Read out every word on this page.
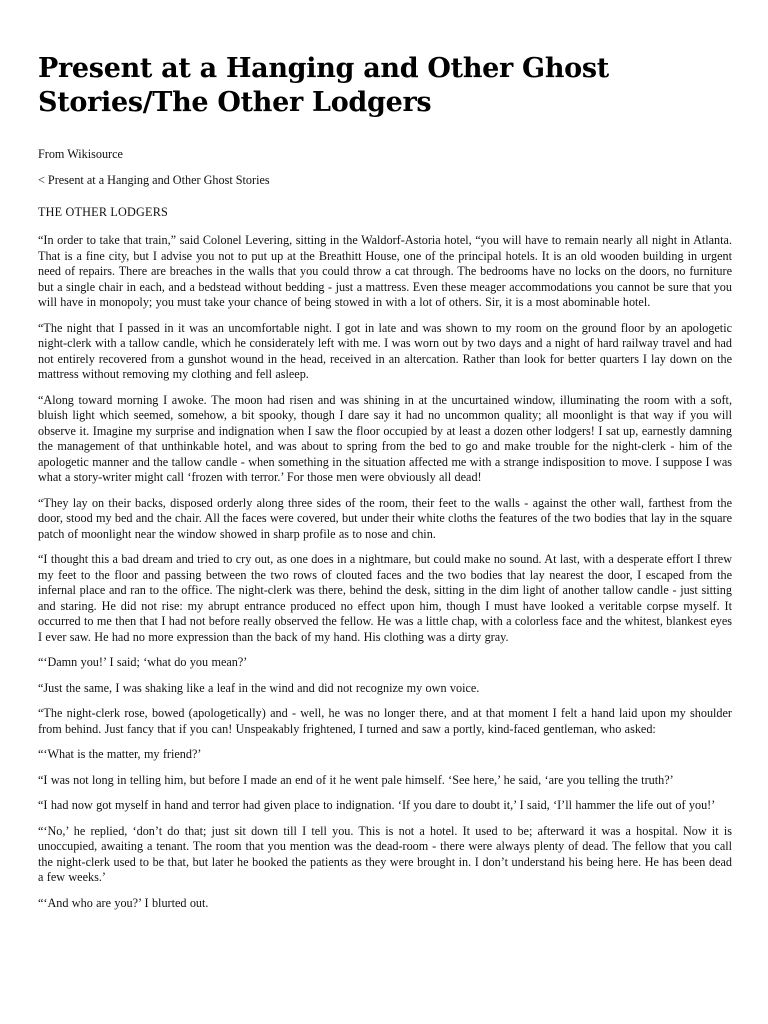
Present at a Hanging and Other Ghost Stories/The Other Lodgers

From Wikisource

< Present at a Hanging and Other Ghost Stories

THE OTHER LODGERS

“In order to take that train,” said Colonel Levering, sitting in the Waldorf-Astoria hotel, “you will have to remain nearly all night in Atlanta. That is a fine city, but I advise you not to put up at the Breathitt House, one of the principal hotels. It is an old wooden building in urgent need of repairs. There are breaches in the walls that you could throw a cat through. The bedrooms have no locks on the doors, no furniture but a single chair in each, and a bedstead without bedding - just a mattress. Even these meager accommodations you cannot be sure that you will have in monopoly; you must take your chance of being stowed in with a lot of others. Sir, it is a most abominable hotel.

“The night that I passed in it was an uncomfortable night. I got in late and was shown to my room on the ground floor by an apologetic night-clerk with a tallow candle, which he considerately left with me. I was worn out by two days and a night of hard railway travel and had not entirely recovered from a gunshot wound in the head, received in an altercation. Rather than look for better quarters I lay down on the mattress without removing my clothing and fell asleep.

“Along toward morning I awoke. The moon had risen and was shining in at the uncurtained window, illuminating the room with a soft, bluish light which seemed, somehow, a bit spooky, though I dare say it had no uncommon quality; all moonlight is that way if you will observe it. Imagine my surprise and indignation when I saw the floor occupied by at least a dozen other lodgers! I sat up, earnestly damning the management of that unthinkable hotel, and was about to spring from the bed to go and make trouble for the night-clerk - him of the apologetic manner and the tallow candle - when something in the situation affected me with a strange indisposition to move. I suppose I was what a story-writer might call ‘frozen with terror.’ For those men were obviously all dead!

“They lay on their backs, disposed orderly along three sides of the room, their feet to the walls - against the other wall, farthest from the door, stood my bed and the chair. All the faces were covered, but under their white cloths the features of the two bodies that lay in the square patch of moonlight near the window showed in sharp profile as to nose and chin.

“I thought this a bad dream and tried to cry out, as one does in a nightmare, but could make no sound. At last, with a desperate effort I threw my feet to the floor and passing between the two rows of clouted faces and the two bodies that lay nearest the door, I escaped from the infernal place and ran to the office. The night-clerk was there, behind the desk, sitting in the dim light of another tallow candle - just sitting and staring. He did not rise: my abrupt entrance produced no effect upon him, though I must have looked a veritable corpse myself. It occurred to me then that I had not before really observed the fellow. He was a little chap, with a colorless face and the whitest, blankest eyes I ever saw. He had no more expression than the back of my hand. His clothing was a dirty gray.

“‘Damn you!’ I said; ‘what do you mean?’

“Just the same, I was shaking like a leaf in the wind and did not recognize my own voice.

“The night-clerk rose, bowed (apologetically) and - well, he was no longer there, and at that moment I felt a hand laid upon my shoulder from behind. Just fancy that if you can! Unspeakably frightened, I turned and saw a portly, kind-faced gentleman, who asked:

“‘What is the matter, my friend?’

“I was not long in telling him, but before I made an end of it he went pale himself. ‘See here,’ he said, ‘are you telling the truth?’

“I had now got myself in hand and terror had given place to indignation. ‘If you dare to doubt it,’ I said, ‘I’ll hammer the life out of you!’

“‘No,’ he replied, ‘don’t do that; just sit down till I tell you. This is not a hotel. It used to be; afterward it was a hospital. Now it is unoccupied, awaiting a tenant. The room that you mention was the dead-room - there were always plenty of dead. The fellow that you call the night-clerk used to be that, but later he booked the patients as they were brought in. I don’t understand his being here. He has been dead a few weeks.’

“‘And who are you?’ I blurted out.
